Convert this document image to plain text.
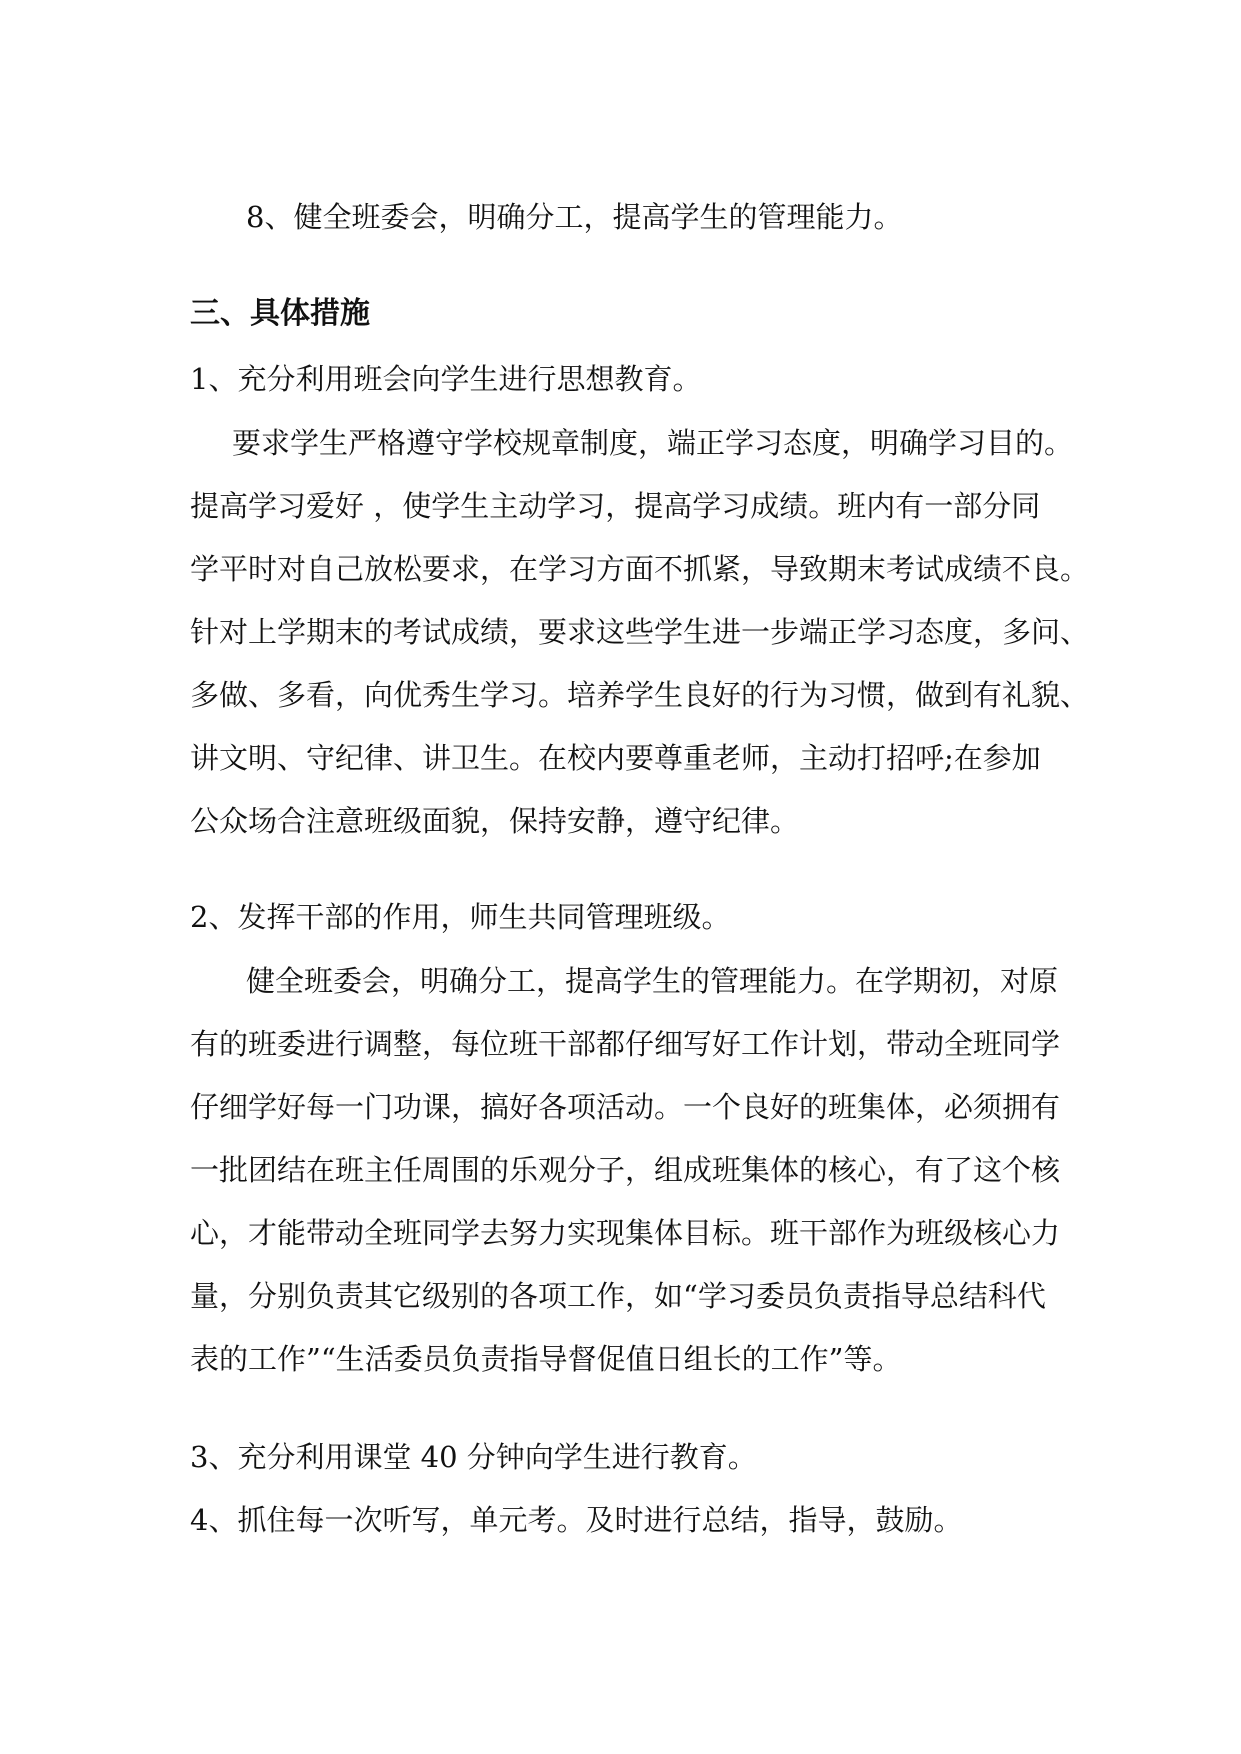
8、健全班委会，明确分工，提高学生的管理能力。
三、具体措施
1、充分利用班会向学生进行思想教育。
要求学生严格遵守学校规章制度，端正学习态度，明确学习目的。
提高学习爱好 ，使学生主动学习，提高学习成绩。班内有一部分同
学平时对自己放松要求，在学习方面不抓紧，导致期末考试成绩不良。
针对上学期末的考试成绩，要求这些学生进一步端正学习态度，多问、
多做、多看，向优秀生学习。培养学生良好的行为习惯，做到有礼貌、
讲文明、守纪律、讲卫生。在校内要尊重老师，主动打招呼;在参加
公众场合注意班级面貌，保持安静，遵守纪律。
2、发挥干部的作用，师生共同管理班级。
健全班委会，明确分工，提高学生的管理能力。在学期初，对原
有的班委进行调整，每位班干部都仔细写好工作计划，带动全班同学
仔细学好每一门功课，搞好各项活动。一个良好的班集体，必须拥有
一批团结在班主任周围的乐观分子，组成班集体的核心，有了这个核
心，才能带动全班同学去努力实现集体目标。班干部作为班级核心力
量，分别负责其它级别的各项工作，如“学习委员负责指导总结科代
表的工作”“生活委员负责指导督促值日组长的工作”等。
3、充分利用课堂 40 分钟向学生进行教育。
4、抓住每一次听写，单元考。及时进行总结，指导，鼓励。
